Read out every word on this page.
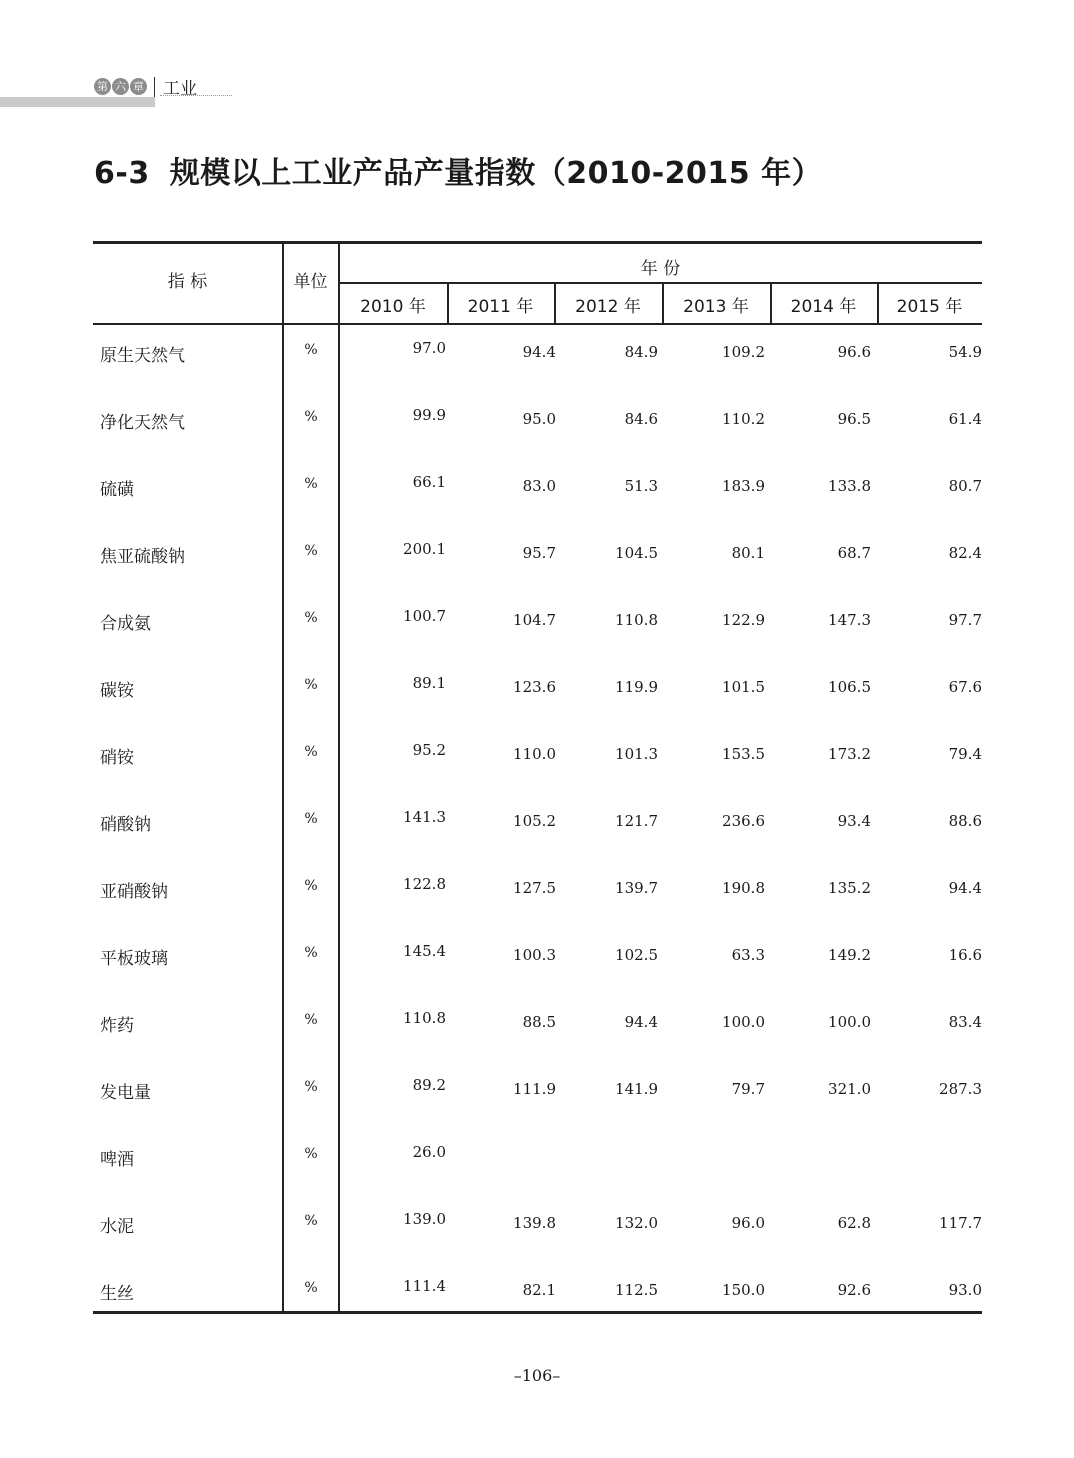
第 六 章 工业
6-3 规模以上工业产品产量指数（2010-2015 年）
指 标	单位
年 份
2010 年	2011 年	2012 年	2013 年	2014 年	2015 年
原生天然气	%	97.0	94.4	84.9	109.2	96.6	54.9
净化天然气	%	99.9	95.0	84.6	110.2	96.5	61.4
硫磺	%	66.1	83.0	51.3	183.9	133.8	80.7
焦亚硫酸钠	%	200.1	95.7	104.5	80.1	68.7	82.4
合成氨	%	100.7	104.7	110.8	122.9	147.3	97.7
碳铵	%	89.1	123.6	119.9	101.5	106.5	67.6
硝铵	%	95.2	110.0	101.3	153.5	173.2	79.4
硝酸钠	%	141.3	105.2	121.7	236.6	93.4	88.6
亚硝酸钠	%	122.8	127.5	139.7	190.8	135.2	94.4
平板玻璃	%	145.4	100.3	102.5	63.3	149.2	16.6
炸药	%	110.8	88.5	94.4	100.0	100.0	83.4
发电量	%	89.2	111.9	141.9	79.7	321.0	287.3
啤酒	%	26.0
水泥	%	139.0	139.8	132.0	96.0	62.8	117.7
生丝	%	111.4	82.1	112.5	150.0	92.6	93.0
–106–
